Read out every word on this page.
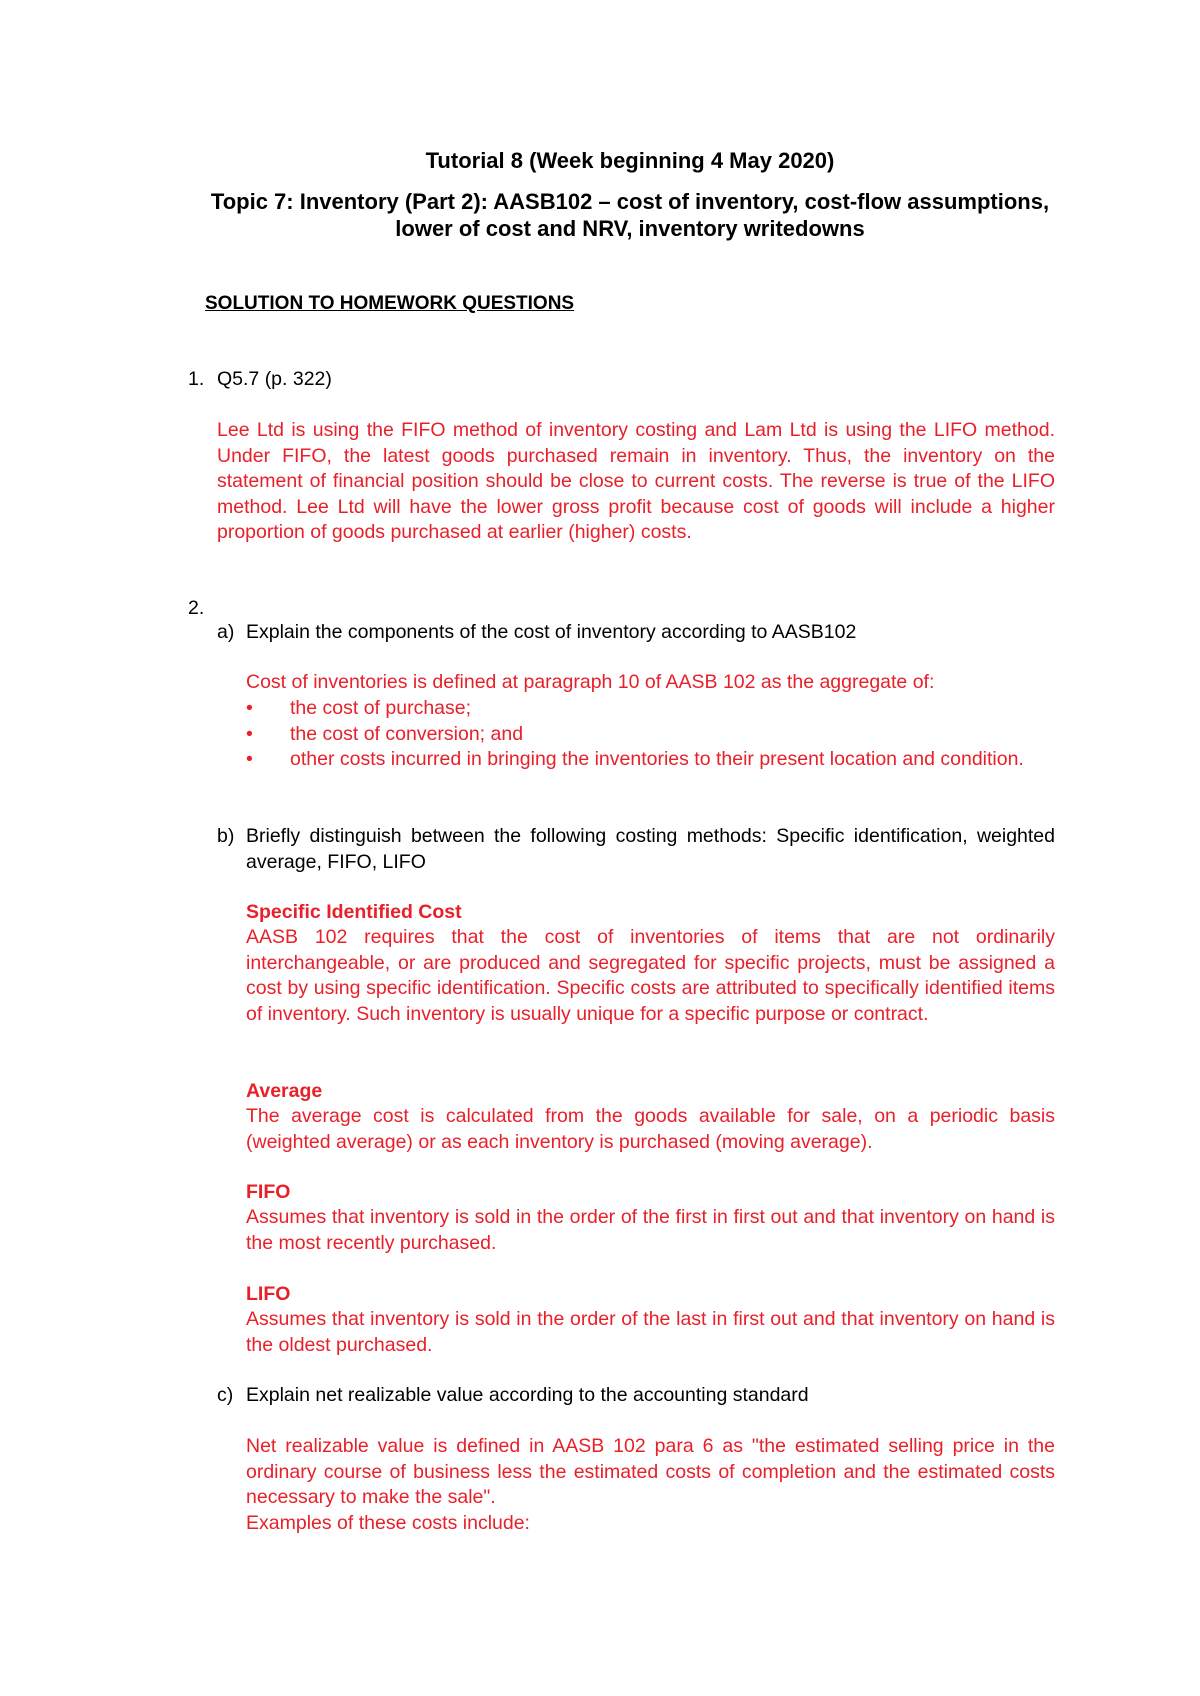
Tutorial 8 (Week beginning 4 May 2020)
Topic 7: Inventory (Part 2): AASB102 – cost of inventory, cost-flow assumptions, lower of cost and NRV, inventory writedowns
SOLUTION TO HOMEWORK QUESTIONS
1. Q5.7 (p. 322)
Lee Ltd is using the FIFO method of inventory costing and Lam Ltd is using the LIFO method. Under FIFO, the latest goods purchased remain in inventory. Thus, the inventory on the statement of financial position should be close to current costs. The reverse is true of the LIFO method. Lee Ltd will have the lower gross profit because cost of goods will include a higher proportion of goods purchased at earlier (higher) costs.
2.
a) Explain the components of the cost of inventory according to AASB102
Cost of inventories is defined at paragraph 10 of AASB 102 as the aggregate of:
• the cost of purchase;
• the cost of conversion; and
• other costs incurred in bringing the inventories to their present location and condition.
b) Briefly distinguish between the following costing methods: Specific identification, weighted average, FIFO, LIFO
Specific Identified Cost
AASB 102 requires that the cost of inventories of items that are not ordinarily interchangeable, or are produced and segregated for specific projects, must be assigned a cost by using specific identification. Specific costs are attributed to specifically identified items of inventory. Such inventory is usually unique for a specific purpose or contract.
Average
The average cost is calculated from the goods available for sale, on a periodic basis (weighted average) or as each inventory is purchased (moving average).
FIFO
Assumes that inventory is sold in the order of the first in first out and that inventory on hand is the most recently purchased.
LIFO
Assumes that inventory is sold in the order of the last in first out and that inventory on hand is the oldest purchased.
c) Explain net realizable value according to the accounting standard
Net realizable value is defined in AASB 102 para 6 as "the estimated selling price in the ordinary course of business less the estimated costs of completion and the estimated costs necessary to make the sale".
Examples of these costs include:
